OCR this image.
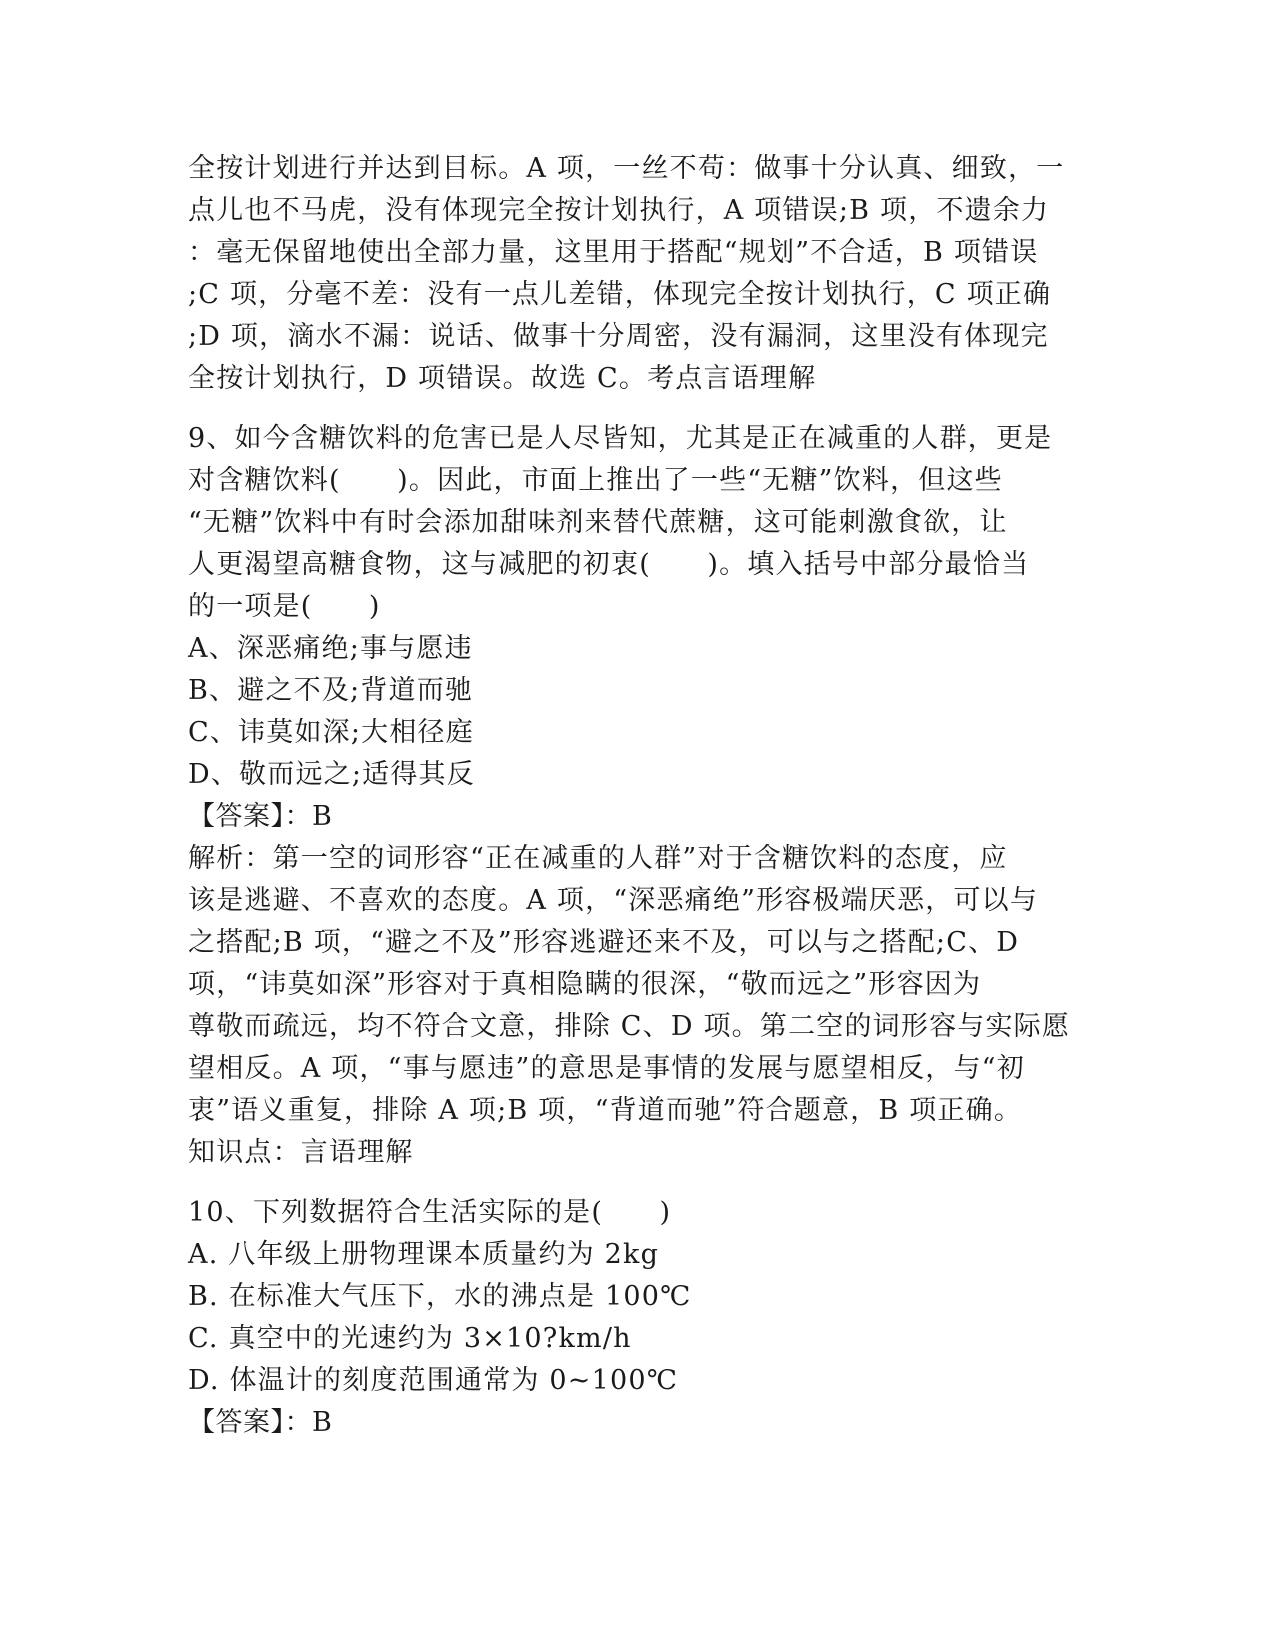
全按计划进行并达到目标。A 项，一丝不苟：做事十分认真、细致，一
点儿也不马虎，没有体现完全按计划执行，A 项错误;B 项，不遗余力
：毫无保留地使出全部力量，这里用于搭配“规划”不合适，B 项错误
;C 项，分毫不差：没有一点儿差错，体现完全按计划执行，C 项正确
;D 项，滴水不漏：说话、做事十分周密，没有漏洞，这里没有体现完
全按计划执行，D 项错误。故选 C。考点言语理解
9、如今含糖饮料的危害已是人尽皆知，尤其是正在减重的人群，更是
对含糖饮料(　　)。因此，市面上推出了一些“无糖”饮料，但这些
“无糖”饮料中有时会添加甜味剂来替代蔗糖，这可能刺激食欲，让
人更渴望高糖食物，这与减肥的初衷(　　)。填入括号中部分最恰当
的一项是(　　)
A、深恶痛绝;事与愿违
B、避之不及;背道而驰
C、讳莫如深;大相径庭
D、敬而远之;适得其反
【答案】：B
解析：第一空的词形容“正在减重的人群”对于含糖饮料的态度，应
该是逃避、不喜欢的态度。A 项，“深恶痛绝”形容极端厌恶，可以与
之搭配;B 项，“避之不及”形容逃避还来不及，可以与之搭配;C、D
项，“讳莫如深”形容对于真相隐瞒的很深，“敬而远之”形容因为
尊敬而疏远，均不符合文意，排除 C、D 项。第二空的词形容与实际愿
望相反。A 项，“事与愿违”的意思是事情的发展与愿望相反，与“初
衷”语义重复，排除 A 项;B 项，“背道而驰”符合题意，B 项正确。
知识点：言语理解
10、下列数据符合生活实际的是(　　)
A. 八年级上册物理课本质量约为 2kg
B. 在标准大气压下，水的沸点是 100℃
C. 真空中的光速约为 3×10?km/h
D. 体温计的刻度范围通常为 0~100℃
【答案】：B
